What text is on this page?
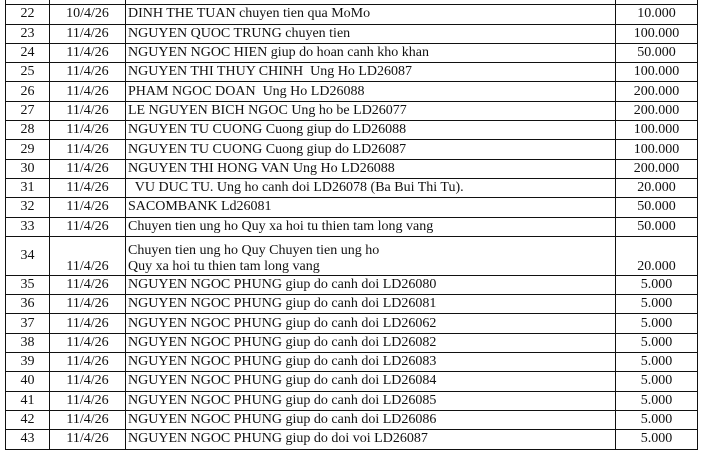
22	10/4/26	DINH THE TUAN chuyen tien qua MoMo	10.000
23	11/4/26	NGUYEN QUOC TRUNG chuyen tien	100.000
24	11/4/26	NGUYEN NGOC HIEN giup do hoan canh kho khan	50.000
25	11/4/26	NGUYEN THI THUY CHINH  Ung Ho LD26087	100.000
26	11/4/26	PHAM NGOC DOAN  Ung Ho LD26088	200.000
27	11/4/26	LE NGUYEN BICH NGOC Ung ho be LD26077	200.000
28	11/4/26	NGUYEN TU CUONG Cuong giup do LD26088	100.000
29	11/4/26	NGUYEN TU CUONG Cuong giup do LD26087	100.000
30	11/4/26	NGUYEN THI HONG VAN Ung Ho LD26088	200.000
31	11/4/26	VU DUC TU. Ung ho canh doi LD26078 (Ba Bui Thi Tu).	20.000
32	11/4/26	SACOMBANK Ld26081	50.000
33	11/4/26	Chuyen tien ung ho Quy xa hoi tu thien tam long vang	50.000
34	11/4/26	Chuyen tien ung ho Quy Chuyen tien ung ho
Quy xa hoi tu thien tam long vang	20.000
35	11/4/26	NGUYEN NGOC PHUNG giup do canh doi LD26080	5.000
36	11/4/26	NGUYEN NGOC PHUNG giup do canh doi LD26081	5.000
37	11/4/26	NGUYEN NGOC PHUNG giup do canh doi LD26062	5.000
38	11/4/26	NGUYEN NGOC PHUNG giup do canh doi LD26082	5.000
39	11/4/26	NGUYEN NGOC PHUNG giup do canh doi LD26083	5.000
40	11/4/26	NGUYEN NGOC PHUNG giup do canh doi LD26084	5.000
41	11/4/26	NGUYEN NGOC PHUNG giup do canh doi LD26085	5.000
42	11/4/26	NGUYEN NGOC PHUNG giup do canh doi LD26086	5.000
43	11/4/26	NGUYEN NGOC PHUNG giup do doi voi LD26087	5.000
